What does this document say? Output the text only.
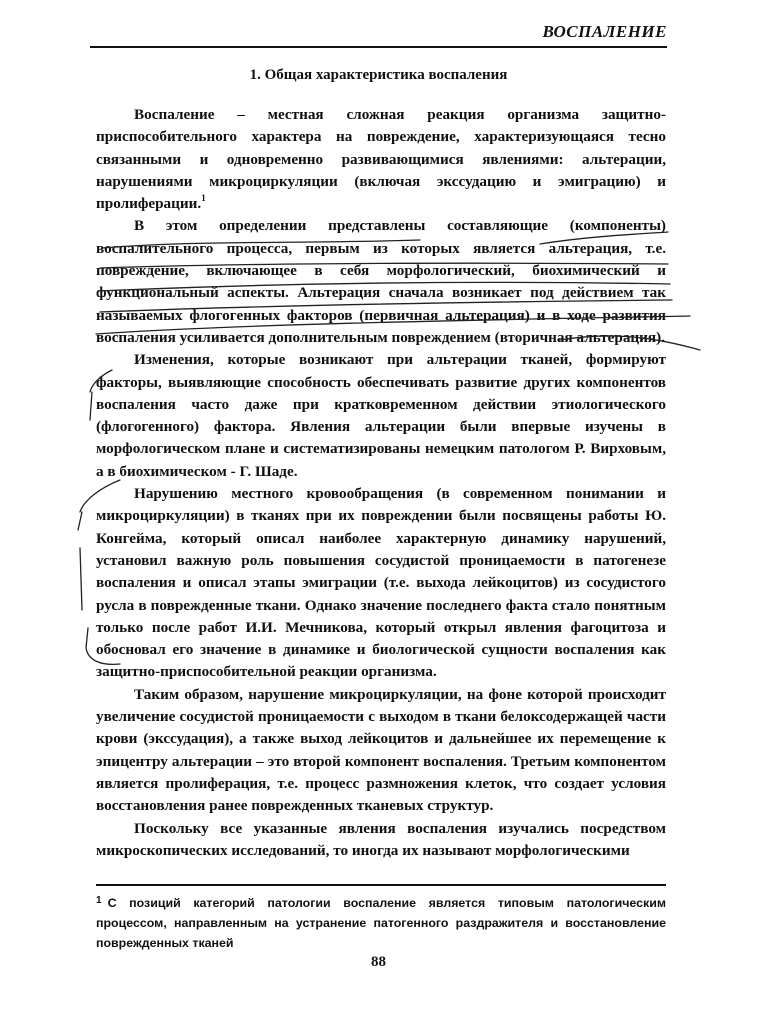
ВОСПАЛЕНИЕ
1. Общая характеристика воспаления

Воспаление – местная сложная реакция организма защитно-приспособительного характера на повреждение, характеризующаяся тесно связанными и одновременно развивающимися явлениями: альтерации, нарушениями микроциркуляции (включая экссудацию и эмиграцию) и пролиферации.$^1$

В этом определении представлены составляющие (компоненты) воспалительного процесса, первым из которых является альтерация, т.е. повреждение, включающее в себя морфологический, биохимический и функциональный аспекты. Альтерация сначала возникает под действием так называемых флогогенных факторов (первичная альтерация) и в ходе развития воспаления усиливается дополнительным повреждением (вторичная альтерация).

Изменения, которые возникают при альтерации тканей, формируют факторы, выявляющие способность обеспечивать развитие других компонентов воспаления часто даже при кратковременном действии этиологического (флогогенного) фактора. Явления альтерации были впервые изучены в морфологическом плане и систематизированы немецким патологом Р. Вирховым, а в биохимическом - Г. Шаде.

Нарушению местного кровообращения (в современном понимании и микроциркуляции) в тканях при их повреждении были посвящены работы Ю. Конгейма, который описал наиболее характерную динамику нарушений, установил важную роль повышения сосудистой проницаемости в патогенезе воспаления и описал этапы эмиграции (т.е. выхода лейкоцитов) из сосудистого русла в поврежденные ткани. Однако значение последнего факта стало понятным только после работ И.И. Мечникова, который открыл явления фагоцитоза и обосновал его значение в динамике и биологической сущности воспаления как защитно-приспособительной реакции организма.

Таким образом, нарушение микроциркуляции, на фоне которой происходит увеличение сосудистой проницаемости с выходом в ткани белоксодержащей части крови (экссудация), а также выход лейкоцитов и дальнейшее их перемещение к эпицентру альтерации – это второй компонент воспаления. Третьим компонентом является пролиферация, т.е. процесс размножения клеток, что создает условия восстановления ранее поврежденных тканевых структур.

Поскольку все указанные явления воспаления изучались посредством микроскопических исследований, то иногда их называют морфологическими

$^1$ С позиций категорий патологии воспаление является типовым патологическим процессом, направленным на устранение патогенного раздражителя и восстановление поврежденных тканей
88
